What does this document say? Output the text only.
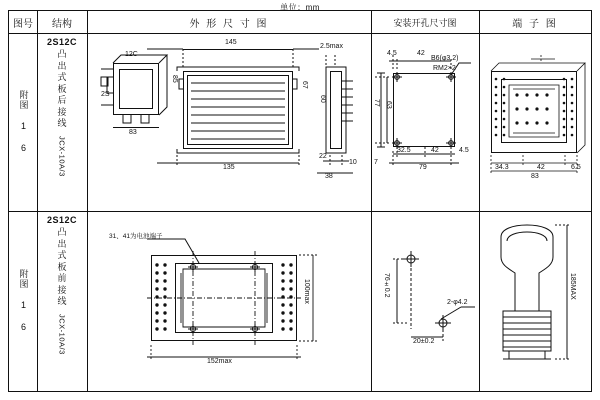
单位：mm
图号	结构	外 形 尺 寸 图	安装开孔尺寸图	端 子 图
附图 1 6
2S12C
凸出式板后接线
JCX-10A/3
12C
2S
85
83
145
135
67
60
2.5max
22
38
10
4.5	42
B6(φ3.2)
RM2×2
77 63
7
32.5	42	4.5
79	34.3	42	6.5
83
附图 1 6
2S12C
凸出式板前接线
JCX-10A/3
31、41为电池端子
152max
100max	76±0.2
2-φ4.2
20±0.2
185MAX
